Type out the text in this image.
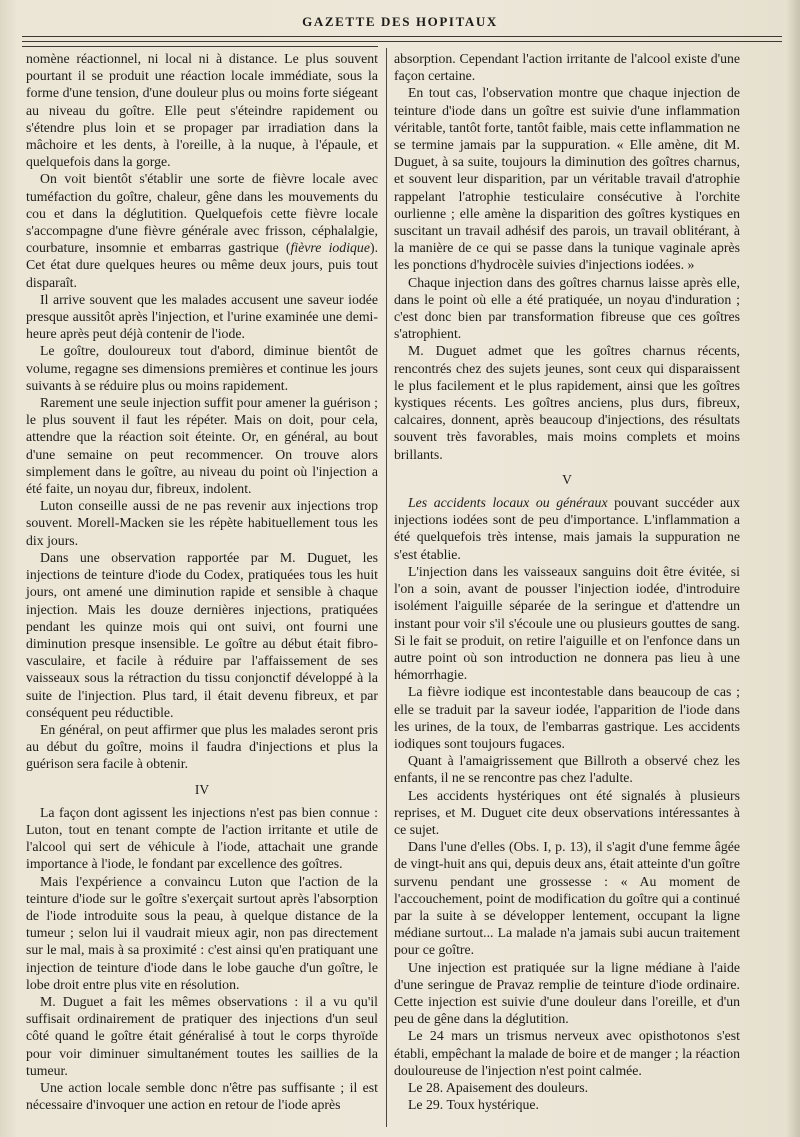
GAZETTE DES HOPITAUX

nomène réactionnel, ni local ni à distance. Le plus souvent pourtant il se produit une réaction locale immédiate, sous la forme d'une tension, d'une douleur plus ou moins forte siégeant au niveau du goître. Elle peut s'éteindre rapidement ou s'étendre plus loin et se propager par irradiation dans la mâchoire et les dents, à l'oreille, à la nuque, à l'épaule, et quelquefois dans la gorge.

On voit bientôt s'établir une sorte de fièvre locale avec tuméfaction du goître, chaleur, gêne dans les mouvements du cou et dans la déglutition. Quelquefois cette fièvre locale s'accompagne d'une fièvre générale avec frisson, céphalalgie, courbature, insomnie et embarras gastrique (fièvre iodique). Cet état dure quelques heures ou même deux jours, puis tout disparaît.

Il arrive souvent que les malades accusent une saveur iodée presque aussitôt après l'injection, et l'urine examinée une demi-heure après peut déjà contenir de l'iode.

Le goître, douloureux tout d'abord, diminue bientôt de volume, regagne ses dimensions premières et continue les jours suivants à se réduire plus ou moins rapidement.

Rarement une seule injection suffit pour amener la guérison ; le plus souvent il faut les répéter. Mais on doit, pour cela, attendre que la réaction soit éteinte. Or, en général, au bout d'une semaine on peut recommencer. On trouve alors simplement dans le goître, au niveau du point où l'injection a été faite, un noyau dur, fibreux, indolent.

Luton conseille aussi de ne pas revenir aux injections trop souvent. Morell-Macken sie les répète habituellement tous les dix jours.

Dans une observation rapportée par M. Duguet, les injections de teinture d'iode du Codex, pratiquées tous les huit jours, ont amené une diminution rapide et sensible à chaque injection. Mais les douze dernières injections, pratiquées pendant les quinze mois qui ont suivi, ont fourni une diminution presque insensible. Le goître au début était fibro-vasculaire, et facile à réduire par l'affaissement de ses vaisseaux sous la rétraction du tissu conjonctif développé à la suite de l'injection. Plus tard, il était devenu fibreux, et par conséquent peu réductible.

En général, on peut affirmer que plus les malades seront pris au début du goître, moins il faudra d'injections et plus la guérison sera facile à obtenir.

IV

La façon dont agissent les injections n'est pas bien connue : Luton, tout en tenant compte de l'action irritante et utile de l'alcool qui sert de véhicule à l'iode, attachait une grande importance à l'iode, le fondant par excellence des goîtres.

Mais l'expérience a convaincu Luton que l'action de la teinture d'iode sur le goître s'exerçait surtout après l'absorption de l'iode introduite sous la peau, à quelque distance de la tumeur ; selon lui il vaudrait mieux agir, non pas directement sur le mal, mais à sa proximité : c'est ainsi qu'en pratiquant une injection de teinture d'iode dans le lobe gauche d'un goître, le lobe droit entre plus vite en résolution.

M. Duguet a fait les mêmes observations : il a vu qu'il suffisait ordinairement de pratiquer des injections d'un seul côté quand le goître était généralisé à tout le corps thyroïde pour voir diminuer simultanément toutes les saillies de la tumeur.

Une action locale semble donc n'être pas suffisante ; il est nécessaire d'invoquer une action en retour de l'iode après

absorption. Cependant l'action irritante de l'alcool existe d'une façon certaine.

En tout cas, l'observation montre que chaque injection de teinture d'iode dans un goître est suivie d'une inflammation véritable, tantôt forte, tantôt faible, mais cette inflammation ne se termine jamais par la suppuration. « Elle amène, dit M. Duguet, à sa suite, toujours la diminution des goîtres charnus, et souvent leur disparition, par un véritable travail d'atrophie rappelant l'atrophie testiculaire consécutive à l'orchite ourlienne ; elle amène la disparition des goîtres kystiques en suscitant un travail adhésif des parois, un travail oblitérant, à la manière de ce qui se passe dans la tunique vaginale après les ponctions d'hydrocèle suivies d'injections iodées. »

Chaque injection dans des goîtres charnus laisse après elle, dans le point où elle a été pratiquée, un noyau d'induration ; c'est donc bien par transformation fibreuse que ces goîtres s'atrophient.

M. Duguet admet que les goîtres charnus récents, rencontrés chez des sujets jeunes, sont ceux qui disparaissent le plus facilement et le plus rapidement, ainsi que les goîtres kystiques récents. Les goîtres anciens, plus durs, fibreux, calcaires, donnent, après beaucoup d'injections, des résultats souvent très favorables, mais moins complets et moins brillants.

V

Les accidents locaux ou généraux pouvant succéder aux injections iodées sont de peu d'importance. L'inflammation a été quelquefois très intense, mais jamais la suppuration ne s'est établie.

L'injection dans les vaisseaux sanguins doit être évitée, si l'on a soin, avant de pousser l'injection iodée, d'introduire isolément l'aiguille séparée de la seringue et d'attendre un instant pour voir s'il s'écoule une ou plusieurs gouttes de sang. Si le fait se produit, on retire l'aiguille et on l'enfonce dans un autre point où son introduction ne donnera pas lieu à une hémorrhagie.

La fièvre iodique est incontestable dans beaucoup de cas ; elle se traduit par la saveur iodée, l'apparition de l'iode dans les urines, de la toux, de l'embarras gastrique. Les accidents iodiques sont toujours fugaces.

Quant à l'amaigrissement que Billroth a observé chez les enfants, il ne se rencontre pas chez l'adulte.

Les accidents hystériques ont été signalés à plusieurs reprises, et M. Duguet cite deux observations intéressantes à ce sujet.

Dans l'une d'elles (Obs. I, p. 13), il s'agit d'une femme âgée de vingt-huit ans qui, depuis deux ans, était atteinte d'un goître survenu pendant une grossesse : « Au moment de l'accouchement, point de modification du goître qui a continué par la suite à se développer lentement, occupant la ligne médiane surtout... La malade n'a jamais subi aucun traitement pour ce goître.

Une injection est pratiquée sur la ligne médiane à l'aide d'une seringue de Pravaz remplie de teinture d'iode ordinaire. Cette injection est suivie d'une douleur dans l'oreille, et d'un peu de gêne dans la déglutition.

Le 24 mars un trismus nerveux avec opisthotonos s'est établi, empêchant la malade de boire et de manger ; la réaction douloureuse de l'injection n'est point calmée.

Le 28. Apaisement des douleurs.

Le 29. Toux hystérique.
